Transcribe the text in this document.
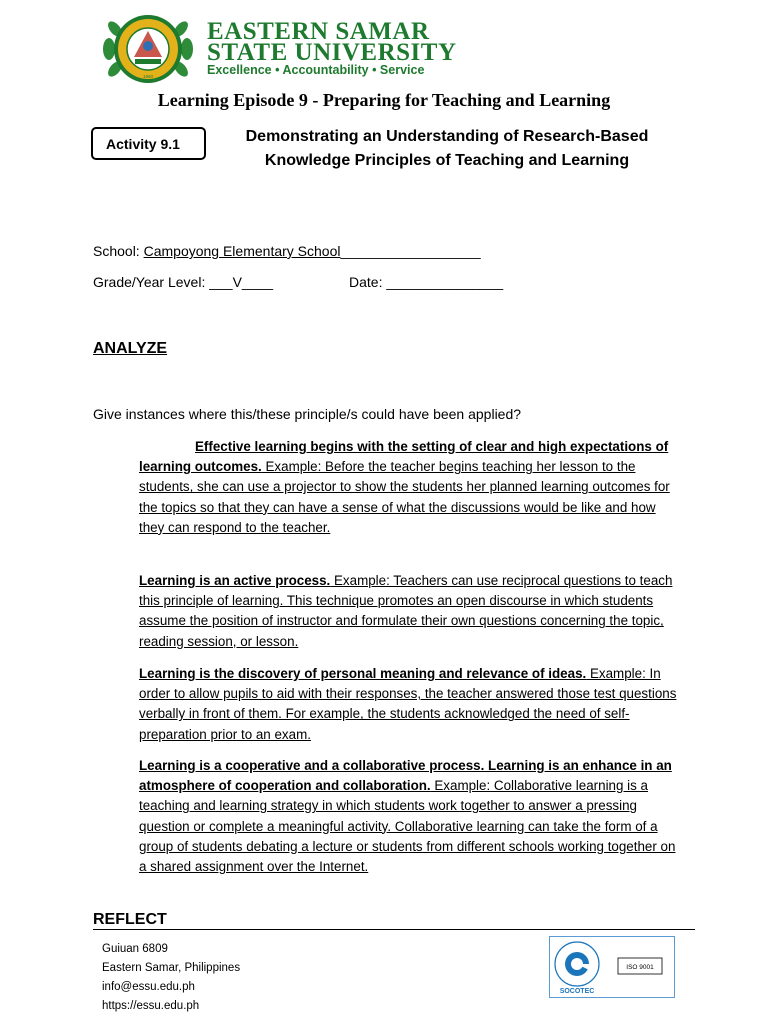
1960
EASTERN SAMAR
STATE UNIVERSITY
Excellence • Accountability • Service
Learning Episode 9 - Preparing for Teaching and Learning
Activity 9.1	Demonstrating an Understanding of Research-Based Knowledge Principles of Teaching and Learning
School: Campoyong Elementary School__________________
Grade/Year Level: ___V____	Date: _______________
ANALYZE
Give instances where this/these principle/s could have been applied?
Effective learning begins with the setting of clear and high expectations of learning outcomes. Example: Before the teacher begins teaching her lesson to the students, she can use a projector to show the students her planned learning outcomes for the topics so that they can have a sense of what the discussions would be like and how they can respond to the teacher.
Learning is an active process. Example: Teachers can use reciprocal questions to teach this principle of learning. This technique promotes an open discourse in which students assume the position of instructor and formulate their own questions concerning the topic, reading session, or lesson.
Learning is the discovery of personal meaning and relevance of ideas. Example: In order to allow pupils to aid with their responses, the teacher answered those test questions verbally in front of them. For example, the students acknowledged the need of self-preparation prior to an exam.
Learning is a cooperative and a collaborative process. Learning is an enhance in an atmosphere of cooperation and collaboration. Example: Collaborative learning is a teaching and learning strategy in which students work together to answer a pressing question or complete a meaningful activity. Collaborative learning can take the form of a group of students debating a lecture or students from different schools working together on a shared assignment over the Internet.
REFLECT
Guiuan 6809
Eastern Samar, Philippines
info@essu.edu.ph
https://essu.edu.ph
ISO 9001
SOCOTEC
